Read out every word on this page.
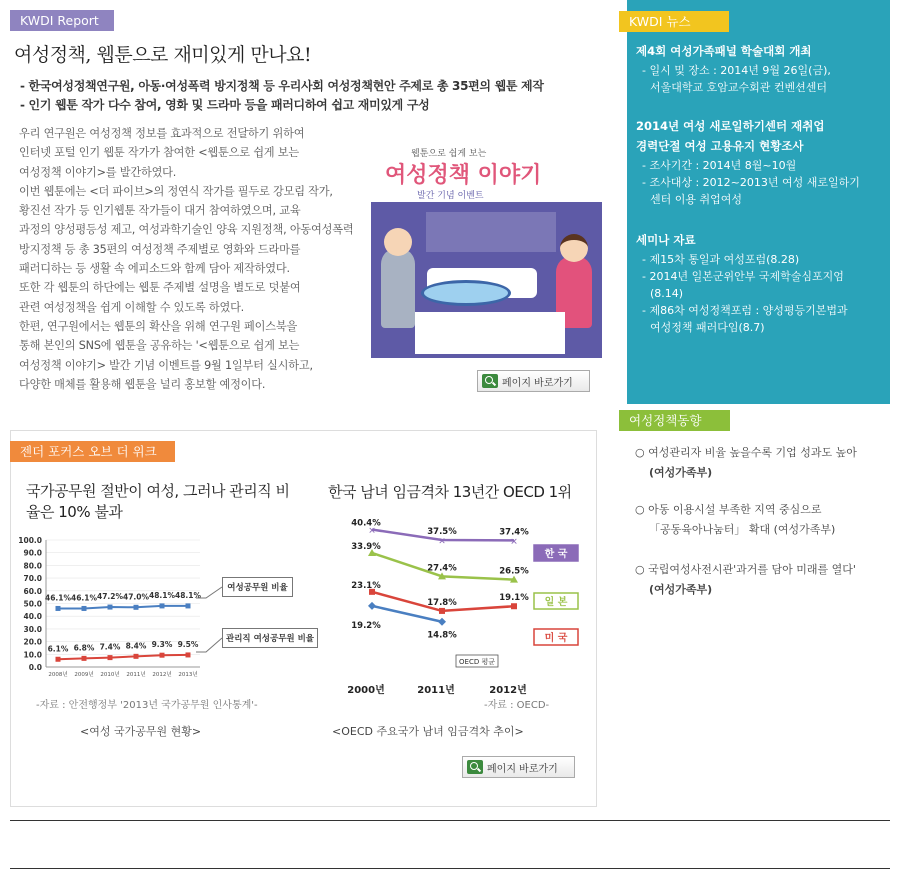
KWDI Report
여성정책, 웹툰으로 재미있게 만나요!
- 한국여성정책연구원, 아동·여성폭력 방지정책 등 우리사회 여성정책현안 주제로 총 35편의 웹툰 제작
- 인기 웹툰 작가 다수 참여, 영화 및 드라마 등을 패러디하여 쉽고 재미있게 구성
우리 연구원은 여성정책 정보를 효과적으로 전달하기 위하여
인터넷 포털 인기 웹툰 작가가 참여한 <웹툰으로 쉽게 보는
여성정책 이야기>를 발간하였다.
이번 웹툰에는 <더 파이브>의 정연식 작가를 필두로 강모림 작가,
황진선 작가 등 인기웹툰 작가들이 대거 참여하였으며, 교육
과정의 양성평등성 제고, 여성과학기술인 양육 지원정책, 아동여성폭력
방지정책 등 총 35편의 여성정책 주제별로 영화와 드라마를
패러디하는 등 생활 속 에피소드와 함께 담아 제작하였다.
또한 각 웹툰의 하단에는 웹툰 주제별 설명을 별도로 덧붙여
관련 여성정책을 쉽게 이해할 수 있도록 하였다.
한편, 연구원에서는 웹툰의 확산을 위해 연구원 페이스북을
통해 본인의 SNS에 웹툰을 공유하는 '<웹툰으로 쉽게 보는
여성정책 이야기> 발간 기념 이벤트를 9월 1일부터 실시하고,
다양한 매체를 활용해 웹툰을 널리 홍보할 예정이다.
웹툰으로 쉽게 보는
여성정책 이야기
발간 기념 이벤트
페이지 바로가기
젠더 포커스 오브 더 위크
국가공무원 절반이 여성, 그러나 관리직 비율은 10% 불과
100.0
90.0
80.0
70.0
60.0
50.0
40.0
30.0
20.0
10.0
0.0
2008년 2009년 2010년 2011년 2012년 2013년
46.1% 46.1% 47.2% 47.0% 48.1% 48.1%
6.1% 6.8% 7.4% 8.4% 9.3% 9.5%
여성공무원 비율
관리직 여성공무원 비율
-자료 : 안전행정부 '2013년 국가공무원 인사통계'-
<여성 국가공무원 현황>
한국 남녀 임금격차 13년간 OECD 1위
2000년	2011년	2012년
✕
40.4%
✕
37.5%
✕
37.4%
33.9%
27.4%	26.5%
23.1%
17.8%	19.1%
19.2%
14.8%
한 국
일 본
미 국
OECD 평균
-자료 : OECD-
<OECD 주요국가 남녀 임금격차 추이>
페이지 바로가기
KWDI 뉴스
제4회 여성가족패널 학술대회 개최
- 일시 및 장소 : 2014년 9월 26일(금),
서울대학교 호암교수회관 컨벤션센터
2014년 여성 새로일하기센터 재취업
경력단절 여성 고용유지 현황조사
- 조사기간 : 2014년 8월~10월
- 조사대상 : 2012~2013년 여성 새로일하기
센터 이용 취업여성
세미나 자료
- 제15차 통일과 여성포럼(8.28)
- 2014년 일본군위안부 국제학술심포지엄
(8.14)
- 제86차 여성정책포럼 : 양성평등기본법과
여성정책 패러다임(8.7)
여성정책동향
○ 여성관리자 비율 높을수록 기업 성과도 높아
(여성가족부)
○ 아동 이용시설 부족한 지역 중심으로
「공동육아나눔터」 확대 (여성가족부)
○ 국립여성사전시관'과거를 담아 미래를 열다'
(여성가족부)
